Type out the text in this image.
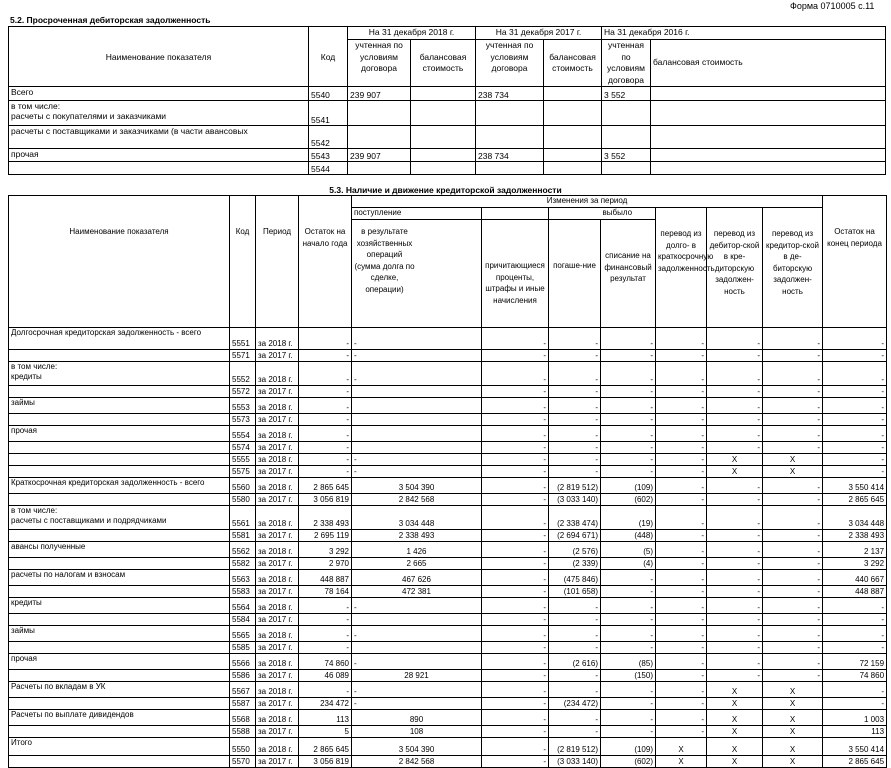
Форма 0710005 с.11
5.2. Просроченная дебиторская задолженность
Наименование показателя	Код	На 31 декабря 2018 г.		На 31 декабря 2017 г.		На 31 декабря 2016 г.	
		учтенная по условиям договора	балансовая стоимость	учтенная по условиям договора	балансовая стоимость	учтенная по условиям договора	балансовая стоимость
Всего	5540	239 907		238 734		3 552	
в том числе:
расчеты с покупателями и заказчиками	5541						
расчеты с поставщиками и заказчиками (в части авансовых	5542						
прочая	5543	239 907		238 734		3 552	
	5544						
5.3. Наличие и движение кредиторской задолженности
Наименование показателя	Код	Период	Остаток на начало года	Изменения за период								Остаток на конец периода
				поступление				выбыло	перевод из долго- в краткосрочную задолженность	перевод из дебитор-ской в кре-диторскую задолжен-ность	перевод из кредитор-ской в де-биторскую задолжен-ность	
				в результате хозяйственных операций (сумма долга по сделке, операции)		причитающиеся проценты, штрафы и иные начисления	погаше-ние	списание на финансовый результат				
Долгосрочная кредиторская задолженность - всего	5551	за 2018 г.	-	-		-	-	-	-	-	-	-
	5571	за 2017 г.	-	-		-	-	-	-	-	-	-

в том числе:
кредиты	5552	за 2018 г.	-	-		-	-	-	-	-	-	-
	5572	за 2017 г.	-			-	-	-	-	-	-	-
займы	5553	за 2018 г.	-			-	-	-	-	-	-	-
	5573	за 2017 г.	-			-	-	-	-	-	-	-
прочая	5554	за 2018 г.	-			-	-	-	-	-	-	-
	5574	за 2017 г.	-			-	-	-	-	-	-	-
	5555	за 2018 г.	-	-		-	-	-	-	X	X	-
	5575	за 2017 г.	-	-		-	-	-	-	X	X	-
Краткосрочная кредиторская задолженность - всего	5560	за 2018 г.	2 865 645	3 504 390		-	(2 819 512)	(109)	-	-	-	3 550 414
	5580	за 2017 г.	3 056 819	2 842 568		-	(3 033 140)	(602)	-	-	-	2 865 645

в том числе:
расчеты с поставщиками и подрядчиками	5561	за 2018 г.	2 338 493	3 034 448		-	(2 338 474)	(19)	-	-	-	3 034 448
	5581	за 2017 г.	2 695 119	2 338 493		-	(2 694 671)	(448)	-	-	-	2 338 493
авансы полученные	5562	за 2018 г.	3 292	1 426		-	(2 576)	(5)	-	-	-	2 137
	5582	за 2017 г.	2 970	2 665		-	(2 339)	(4)	-	-	-	3 292
расчеты по налогам и взносам	5563	за 2018 г.	448 887	467 626		-	(475 846)	-	-	-	-	440 667
	5583	за 2017 г.	78 164	472 381		-	(101 658)	-	-	-	-	448 887
кредиты	5564	за 2018 г.	-	-		-	-	-	-	-	-	-
	5584	за 2017 г.	-			-	-	-	-	-	-	-
займы	5565	за 2018 г.	-	-		-	-	-	-	-	-	-
	5585	за 2017 г.	-			-	-	-	-	-	-	-
прочая	5566	за 2018 г.	74 860	-		-	(2 616)	(85)	-	-	-	72 159
	5586	за 2017 г.	46 089	28 921		-	-	(150)	-	-	-	74 860
Расчеты по вкладам в УК	5567	за 2018 г.	-	-		-	-	-	-	X	X	-
	5587	за 2017 г.	234 472	-		-	(234 472)	-	-	X	X	-
Расчеты по выплате дивидендов	5568	за 2018 г.	113	890		-	-	-	-	X	X	1 003
	5588	за 2017 г.	5	108		-	-	-	-	X	X	113
Итого	5550	за 2018 г.	2 865 645	3 504 390		-	(2 819 512)	(109)	X	X	X	3 550 414
	5570	за 2017 г.	3 056 819	2 842 568		-	(3 033 140)	(602)	X	X	X	2 865 645
